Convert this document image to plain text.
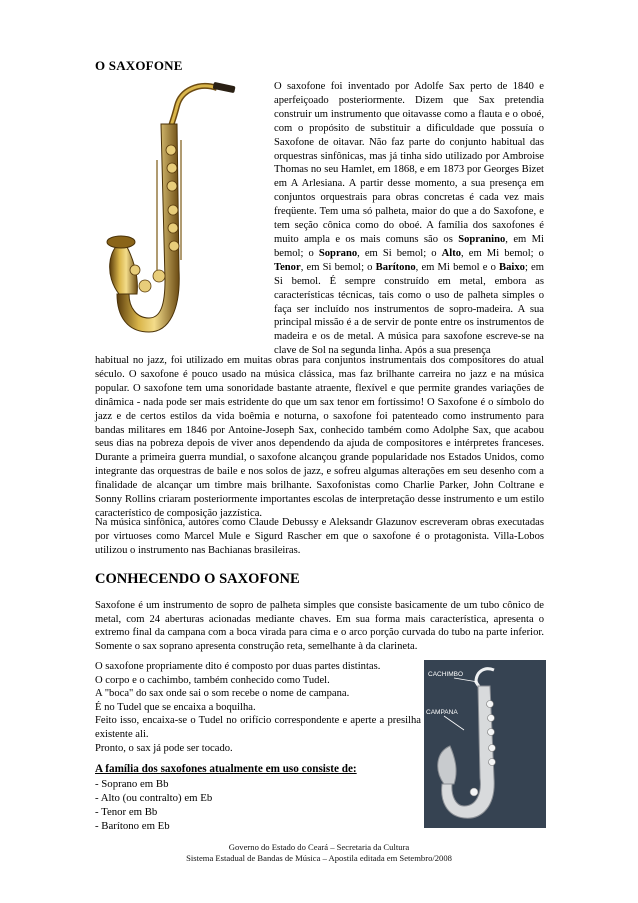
O SAXOFONE

O saxofone foi inventado por Adolfe Sax perto de 1840 e aperfeiçoado posteriormente. Dizem que Sax pretendia construir um instrumento que oitavasse como a flauta e o oboé, com o propósito de substituir a dificuldade que possuía o Saxofone de oitavar. Não faz parte do conjunto habitual das orquestras sinfônicas, mas já tinha sido utilizado por Ambroise Thomas no seu Hamlet, em 1868, e em 1873 por Georges Bizet em A Arlesiana. A partir desse momento, a sua presença em conjuntos orquestrais para obras concretas é cada vez mais freqüente. Tem uma só palheta, maior do que a do Saxofone, e tem seção cônica como do oboé. A família dos saxofones é muito ampla e os mais comuns são os Sopranino, em Mi bemol; o Soprano, em Si bemol; o Alto, em Mi bemol; o Tenor, em Si bemol; o Barítono, em Mi bemol e o Baixo; em Si bemol. É sempre construído em metal, embora as características técnicas, tais como o uso de palheta simples o faça ser incluído nos instrumentos de sopro-madeira. A sua principal missão é a de servir de ponte entre os instrumentos de madeira e os de metal. A música para saxofone escreve-se na clave de Sol na segunda linha. Após a sua presença

habitual no jazz, foi utilizado em muitas obras para conjuntos instrumentais dos compositores do atual século. O saxofone é pouco usado na música clássica, mas faz brilhante carreira no jazz e na música popular. O saxofone tem uma sonoridade bastante atraente, flexível e que permite grandes variações de dinâmica - nada pode ser mais estridente do que um sax tenor em fortíssimo! O Saxofone é o símbolo do jazz e de certos estilos da vida boêmia e noturna, o saxofone foi patenteado como instrumento para bandas militares em 1846 por Antoine-Joseph Sax, conhecido também como Adolphe Sax, que acabou seus dias na pobreza depois de viver anos dependendo da ajuda de compositores e intérpretes franceses. Durante a primeira guerra mundial, o saxofone alcançou grande popularidade nos Estados Unidos, como integrante das orquestras de baile e nos solos de jazz, e sofreu algumas alterações em seu desenho com a finalidade de alcançar um timbre mais brilhante. Saxofonistas como Charlie Parker, John Coltrane e Sonny Rollins criaram posteriormente importantes escolas de interpretação desse instrumento e um estilo característico de composição jazzística.

Na música sinfônica, autores como Claude Debussy e Aleksandr Glazunov escreveram obras executadas por virtuoses como Marcel Mule e Sigurd Rascher em que o saxofone é o protagonista. Villa-Lobos utilizou o instrumento nas Bachianas brasileiras.

CONHECENDO O SAXOFONE

Saxofone é um instrumento de sopro de palheta simples que consiste basicamente de um tubo cônico de metal, com 24 aberturas acionadas mediante chaves. Em sua forma mais característica, apresenta o extremo final da campana com a boca virada para cima e o arco porção curvada do tubo na parte inferior. Somente o sax soprano apresenta construção reta, semelhante à da clarineta.

O saxofone propriamente dito é composto por duas partes distintas.

O corpo e o cachimbo, também conhecido como Tudel.

A "boca" do sax onde sai o som recebe o nome de campana.

É no Tudel que se encaixa a boquilha.

Feito isso, encaixa-se o Tudel no orifício correspondente e aperte a presilha existente ali.

Pronto, o sax já pode ser tocado.

CACHIMBO
CAMPANA

A família dos saxofones atualmente em uso consiste de:

- Soprano em Bb
- Alto (ou contralto) em Eb
- Tenor em Bb
- Barítono em Eb
Governo do Estado do Ceará – Secretaria da Cultura
Sistema Estadual de Bandas de Música – Apostila editada em Setembro/2008
